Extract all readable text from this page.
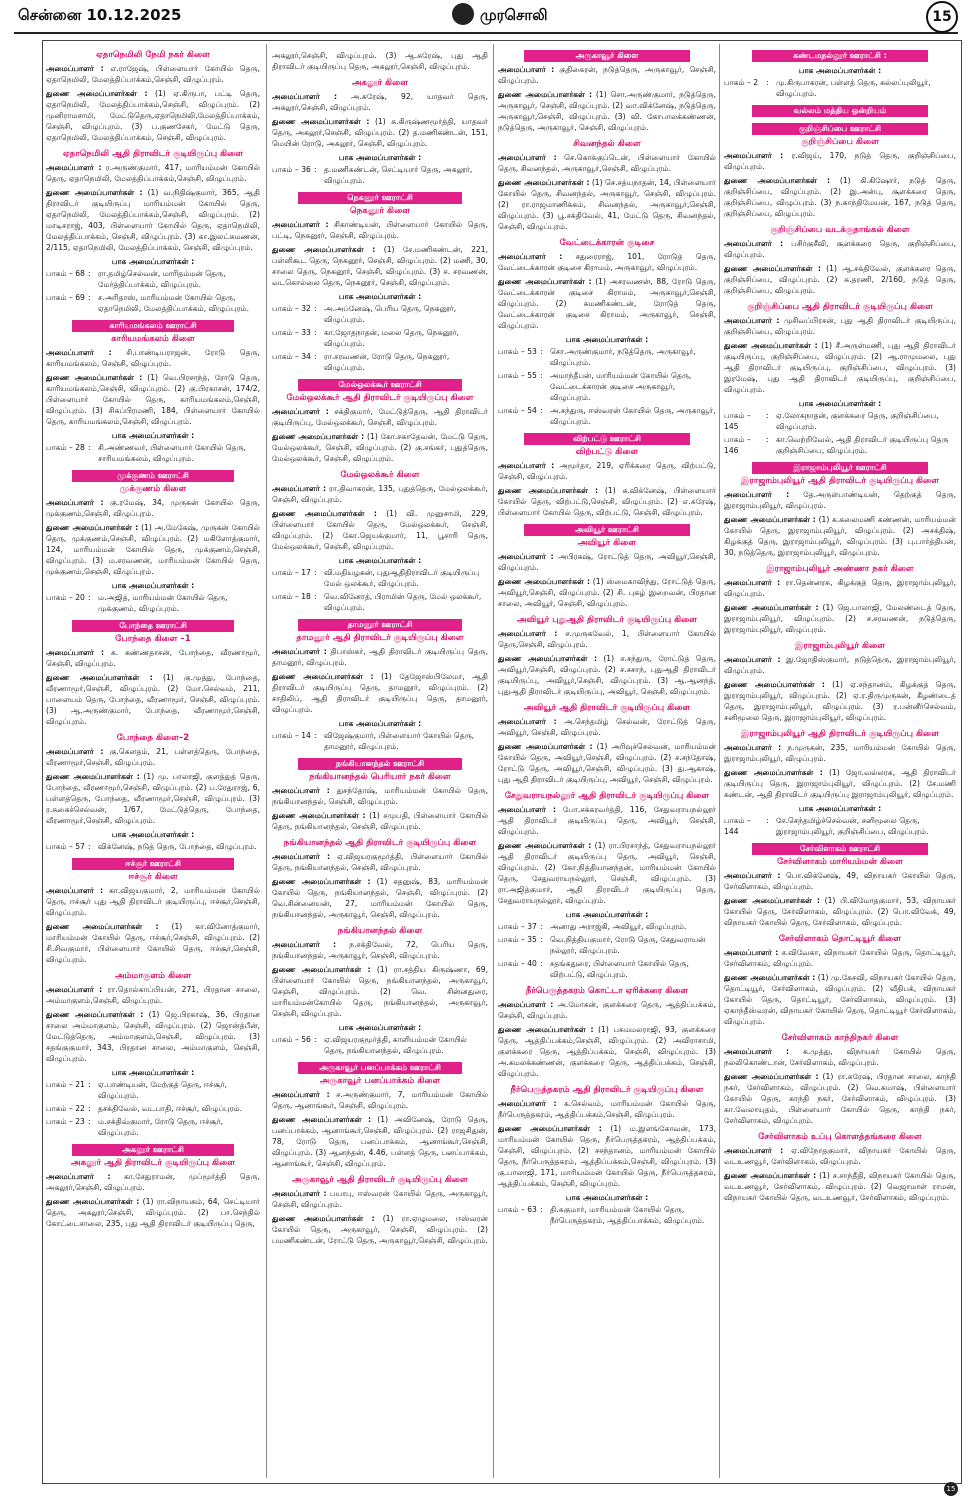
சென்னை 10.12.2025	முரசொலி	15
ஏதாநெமிலி நேமி நகர் கிளை
அமைப்பாளர் : எ.ராஜேஷ், பிள்ளையார் கோயில் தெரு, ஏதாநெமிலி, மேலத்திப்பாக்கம்,செஞ்சி, விழுப்புரம்.
துணை அமைப்பாளர்கள் : (1) ஏ.கிருபா, பட்டி தெரு, ஏதாநெமிலி, மேலத்திப்பாக்கம்,செஞ்சி, விழுப்புரம். (2) முனிராமசாமி, மேட்டுதெரு,ஏதாநெமிலி,மேலத்திப்பாக்கம், செஞ்சி, விழுப்புரம். (3) ப.குணசேகர், மேட்டு தெரு, ஏதாநெமிலி, மேலத்திப்பாக்கம், செஞ்சி, விழுப்புரம்.
ஏதாநெமிலி ஆதி திராவிடர் குடியிருப்பு கிளை
அமைப்பாளர் : ர.அருண்குமார், 417, மாரியம்மன் கோயில் தெரு, ஏதாநெமிலி, மேலத்திப்பாக்கம்,செஞ்சி, விழுப்புரம்.
துணை அமைப்பாளர்கள் : (1) வ.நிதிஷ்குமார், 365, ஆதி திராவிடர் குடியிருப்பு மாரியம்மன் கோயில் தெரு, ஏதாநெமிலி, மேலத்திப்பாக்கம்,செஞ்சி, விழுப்புரம். (2) மாடிசராஜ், 403, பிள்ளையார் கோயில் தெரு, ஏதாநெமிலி, மேலத்திப்பாக்கம், செஞ்சி, விழுப்புரம். (3) கா.இலட்சுமணன், 2/115, ஏதாநெமிலி, மேலத்திப்பாக்கம், செஞ்சி, விழுப்புரம்.
பாக அமைப்பாளர்கள் :
பாகம் – 68 : ரா.தமிழ்செல்வன், மாரிதம்மன் தெரு, மேர்த்திப்பாக்கம், விழுப்புரம்.
பாகம் – 69 : ச.அரிதாஸ், மாரியம்மன் கோயில் தெரு, ஏதாநெமிலி, மேலத்திப்பாக்கம், விழுப்புரம்.
காரியமங்கலம் ஊராட்சி
காரியமங்கலம் கிளை
அமைப்பாளர் : சி.பாண்டியராஜன், ரோடு தெரு, காரியமங்கலம், செஞ்சி, விழுப்புரம்.
துணை அமைப்பாளர்கள் : (1) வெ.பிரசாந்த், ரோடு தெரு, காரியமங்கலம்,செஞ்சி, விழுப்புரம். (2) கு.பிரகாசன், 174/2, பிள்ளையார் கோயில் தெரு, காரியமங்கலம்,செஞ்சி, விழுப்புரம். (3) சிகப்பிரமணி, 184, பிள்ளையார் கோயில் தெரு, காரியமங்கலம்,செஞ்சி, விழுப்புரம்.
பாக அமைப்பாளர்கள் :
பாகம் – 28 : சி.அண்ணவர், பிள்ளையார் கோயில் தெரு, சாரியமங்கலம், விழுப்புரம்.
முக்குணம் ஊராட்சி
முக்குணம் கிளை
அமைப்பாளர் : கு.ரமேஷ், 34, முருகன் கோயில் தெரு, முக்குணம்,செஞ்சி, விழுப்புரம்.
துணை அமைப்பாளர்கள் : (1) அ.மேகேஷ், முருகன் கோயில் தெரு, முக்குணம்,செஞ்சி, விழுப்புரம். (2) மகிளோத்குமார், 124, மாரியம்மன் கோயில் தெரு, முக்குணம்,செஞ்சி, விழுப்புரம். (3) ம.சரவணன், மாரியம்மன் கோயில் தெரு, முக்குணம்,செஞ்சி, விழுப்புரம்.
பாக அமைப்பாளர்கள் :
பாகம் – 20 : ம.அஜித், மாரியம்மன் கோயில் தெரு, முக்குணம், விழுப்புரம்.
போந்தை ஊராட்சி
போந்தை கிளை –1
அமைப்பாளர் : க. கண்ணதாசன், போந்தை, வீரணாமூர், செஞ்சி, விழுப்புரம்.
துணை அமைப்பாளர்கள் : (1) கு.முத்து, போந்தை, வீரணாமூர்,செஞ்சி, விழுப்புரம். (2) மோ.செல்வம், 211, பாளையம் தெரு, போந்தை, வீரணாமூர், செஞ்சி, விழுப்புரம். (3) ஆ.அருண்குமார், போந்தை, வீரணாமூர்,செஞ்சி, விழுப்புரம்.
போந்தை கிளை–2
அமைப்பாளர் : கு.கௌதம், 21, பள்ளத்தெரு, போந்தை, வீரணாமூர்,செஞ்சி, விழுப்புரம்.
துணை அமைப்பாளர்கள் : (1) மு. பாலாஜி, குளத்துத் தெரு, போந்தை, வீரணாமூர்,செஞ்சி, விழுப்புரம். (2) ப.ரேதுராஜ், 6, பள்ளத்தெரு, போந்தை, வீரணாமூர்,செஞ்சி, விழுப்புரம். (3) ர.சுகைச்செல்வன், 1/67, மேட்டுத்தெரு, போந்தை, வீரணாமூர்,செஞ்சி, விழுப்புரம்.
பாக அமைப்பாளர்கள் :
பாகம் – 57 : விக்னேஷ், நடுத் தெரு, போந்தை, விழுப்புரம்.
ஈச்சூர் ஊராட்சி
ஈச்சூர் கிளை
அமைப்பாளர் : கா.விஜயகுமார், 2, மாரியம்மன் கோயில் தெரு, ஈச்சூர் புது ஆதி திராவிடர் குடியிருப்பு, ஈச்சூர்,செஞ்சி, விழுப்புரம்.
துணை அமைப்பாளர்கள் : (1) கா.வினோத்குமார், மாரியம்மன் கோயில் தெரு, ஈச்சூர்,செஞ்சி, விழுப்புரம். (2) சி.சிவகுமார், பிள்ளையார் கோயில் தெரு, ஈச்சூர்,செஞ்சி, விழுப்புரம்.
அம்மாகுளம் கிளை
அமைப்பாளர் : ரா.தொல்காப்பியன், 271, பிரதான சாலை, அம்மாகுளம்,செஞ்சி, விழுப்புரம்.
துணை அமைப்பாளர்கள் : (1) ஜெ.பிரகாஷ், 36, பிரதான சாலை அம்மாகுளம், செஞ்சி, விழுப்புரம். (2) ஜொன்த்பீன், மேட்டுத்தெரு, அம்மாகுளம்,செஞ்சி, விழுப்புரம். (3) சதங்குகுமார், 343, பிரதான சாலை, அம்மாகுளம், செஞ்சி, விழுப்புரம்.
பாக அமைப்பாளர்கள் :
பாகம் – 21 : ஏ.பாண்டியன், மேற்குத் தெரு, ஈச்சூர், விழுப்புரம்.
பாகம் – 22 : தசக்திவேல், வடபாதி, ஈச்சூர், விழுப்புரம்.
பாகம் – 23 : ம.சக்திவ்குமார், ரோடு தெரு, ஈச்சூர், விழுப்புரம்.
அகலூர் ஊராட்சி
அகலூர் ஆதி திராவிடர் குடியிருப்பு கிளை
அமைப்பாளர் : கா.சேதுராமன், முப்மூர்த்தி தெரு, அகலூர்,செஞ்சி, விழுப்புரம்.
துணை அமைப்பாளர்கள் : (1) ரா.விநாயகம், 64, செட்டியார் தெரு, அகலூர்,செஞ்சி, விழுப்புரம். (2) பா.செந்தில் கோட்டைசாலை, 235, புது ஆதி திராவிடர் குடியிருப்பு தெரு,
அகலூர்,செஞ்சி, விழுப்புரம். (3) ஆ.சுரேஷ், புது ஆதி திராவிடர் குடியிருப்பு தெரு, அகலூர்,செஞ்சி, விழுப்புரம்.
அகலூர் கிளை
அமைப்பாளர் : அ.சுரேஷ், 92, யாதவர் தெரு, அகலூர்,செஞ்சி, விழுப்புரம்.
துணை அமைப்பாளர்கள் : (1) க.கிருஷ்ணமூர்த்தி, யாதவர் தெரு, அகலூர்,செஞ்சி, விழுப்புரம். (2) த.மணிகண்டன், 151, மெயின் ரோடு, அகலூர், செஞ்சி, விழுப்புரம்.
பாக அமைப்பாளர்கள் :
பாகம் – 36 : த.மணிகண்டன், செட்டியார் தெரு, அகலூர், விழுப்புரம்.
நெகனூர் ஊராட்சி
நெகனூர் கிளை
அமைப்பாளர் : சிகாண்டியன், பிள்ளையார் கோயில் தெரு, பட்டி, நெகனூர், செஞ்சி, விழுப்புரம்.
துணை அமைப்பாளர்கள் : (1) சே.மணிகண்டன், 221, பள்ளிகூட தெரு, நெகனூர், செஞ்சி, விழுப்புரம். (2) மணி, 30, சாலை தெரு, நெகனூர், செஞ்சி, விழுப்புரம். (3) ச. சரவணன், வடகொல்லை தெரு, நெகனூர், செஞ்சி, விழுப்புரம்.
பாக அமைப்பாளர்கள் :
பாகம் – 32 : அ.அப்னேஷ், பெரிய தெரு, நெகனூர், விழுப்புரம்.
பாகம் – 33 : கா.ஜோதநாதன், மலை தெரு, நெகனூர், விழுப்புரம்.
பாகம் – 34 : ரா.சரவணன், ரோடு தெரு, நெகனூர், விழுப்புரம்.
மேல்ஒலக்கூர் ஊராட்சி
மேல்ஒலக்கூர் ஆதி திராவிடர் குடியிருப்பு கிளை
அமைப்பாளர் : சக்திகுமார், மேட்டுத்தெரு, ஆதி திராவிடர் குடியிருப்பு, மேல்ஒலக்கூர், செஞ்சி, விழுப்புரம்.
துணை அமைப்பாளர்கள் : (1) கோ.சகாதேவன், மேட்டு தெரு, மேல்ஒலக்கூர், செஞ்சி, விழுப்புரம். (2) கு.சங்கர், புதுத்தெரு, மேல்ஒலக்கூர், செஞ்சி, விழுப்புரம்.
மேல்ஒலக்கூர் கிளை
அமைப்பாளர் : ரா.திவாகரன், 135, புதுத்தெரு, மேல்ஒலக்கூர், செஞ்சி, விழுப்புரம்.
துணை அமைப்பாளர்கள் : (1) வி. முனுசாமி, 229, பிள்ளையார் கோயில் தெரு, மேல்ஒலக்கூர், செஞ்சி, விழுப்புரம். (2) கோ.ஜெயக்குமார், 11, பூசாரி தெரு, மேல்ஒலக்கூர், செஞ்சி, விழுப்புரம்.
பாக அமைப்பாளர்கள் :
பாகம் – 17 : வி.மதியழகன், புதுஆதிதிராவிடர் குடியிருப்பு மேல் ஒலக்கூர், விழுப்புரம்.
பாகம் – 18 : வெ.வினோத், பிராமின் தெரு, மேல் ஒலக்கூர், விழுப்புரம்.
தாமனூர் ஊராட்சி
தாமனூர் ஆதி திராவிடர் குடியிருப்பு கிளை
அமைப்பாளர் : திபாஸ்கர், ஆதி திராவிடர் குடியிருப்பு தெரு, தாமனூர், விழுப்புரம்.
துணை அமைப்பாளர்கள் : (1) தேஜோஸ்பிலேமா, ஆதி திராவிடர் குடியிருப்பு தெரு, தாமனூர், விழுப்புரம். (2) சாதிலிப், ஆதி திராவிடர் குடியிருப்பு தெரு, தாமனூர், விழுப்புரம்.
பாக அமைப்பாளர்கள் :
பாகம் – 14 : விஜேஷ்குமார், பிள்ளையார் கோயில் தெரு, தாமனூர், விழுப்புரம்.
நங்கியானந்தல் ஊராட்சி
நங்கியானந்தல் பெரியார் நகர் கிளை
அமைப்பாளர் : துசந்தோஷ், மாரியம்மன் கோயில் தெரு, நங்கியானந்தல், செஞ்சி, விழுப்புரம்.
துணை அமைப்பாளர்கள் : (1) சமுபதி, பிள்ளையார் கோயில் தெரு, நங்கியானந்தல், செஞ்சி, விழுப்புரம்.
நங்கியானந்தல் ஆதி திராவிடர் குடியிருப்பு கிளை
அமைப்பாளர் : ஏ.விஜயரகுமூர்த்தி, பிள்ளையார் கோயில் தெரு, நங்கியானந்தல், செஞ்சி, விழுப்புரம்.
துணை அமைப்பாளர்கள் : (1) சதனுஷ், 83, மாரியம்மன் கோயில் தெரு, நங்கியானந்தல், செஞ்சி, விழுப்புரம். (2) வெ.சின்னையன், 27, மாரியம்மன் கோயில் தெரு, நங்கியானந்தல், அருகாவூர், செஞ்சி, விழுப்புரம்.
நங்கியானந்தல் கிளை
அமைப்பாளர் : ந.சக்திவேல், 72, பெரிய தெரு, நங்கியானந்தல், அருகாவூர், செஞ்சி, விழுப்புரம்.
துணை அமைப்பாளர்கள் : (1) ரா.சத்திய கிருஷ்ணா, 69, பிள்ளையார் கோயில் தெரு, நங்கியானந்தல், அருகாவூர், செஞ்சி, விழுப்புரம். (2) வெ. சின்னதுரை, மாரியம்மன்கோயில் தெரு, நங்கியானந்தல், அருகாவூர், செஞ்சி, விழுப்புரம்.
பாக அமைப்பாளர்கள் :
பாகம் – 56 : ஏ.விஜயரகுமூர்த்தி, காளியம்மன் கோயில் தெரு, நங்கியானந்தல், விழுப்புரம்.
அருகாவூர் பனப்பாக்கம் ஊராட்சி
அருகாவூர் பனப்பாக்கம் கிளை
அமைப்பாளர் : ச.அருண்குமார், 7, மாரியம்மன் கோயில் தெரு, ஆனாங்கூர், செஞ்சி, விழுப்புரம்.
துணை அமைப்பாளர்கள் : (1) அவினேஷ், ரோடு தெரு, பனப்பாக்கம், ஆனாங்கூர்,செஞ்சி, விழுப்புரம். (2) ராஜசிதுன், 78, ரோடு தெரு, பனப்பாக்கம், ஆனாங்கூர்,செஞ்சி, விழுப்புரம். (3) ஆனந்தன், 4.46, பள்ளத் தெரு, பனப்பாக்கம், ஆனாங்கூர், செஞ்சி, விழுப்புரம்.
அருகாவூர் ஆதி திராவிடர் குடியிருப்பு கிளை
அமைப்பாளர் : பயாபு, ஈஸ்வரன் கோயில் தெரு, அருகாவூர், செஞ்சி, விழுப்புரம்.
துணை அமைப்பாளர்கள் : (1) ரா.ஏழுமலை, ஈஸ்வரன் கோயில் தெரு, அருகாவூர், செஞ்சி, விழுப்புரம். (2) பமணிகண்டன், ரோட்டு தெரு, அருகாவூர்,செஞ்சி, விழுப்புரம்.
அருகாவூர் கிளை
அமைப்பாளர் : குதிகைரன், நடுத்தெரு, அருகாவூர், செஞ்சி, விழுப்புரம்.
துணை அமைப்பாளர்கள் : (1) சொ.அருண்குமார், நடுத்தெரு, அருகாவூர், செஞ்சி, விழுப்புரம். (2) வா.விக்னேஷ், நடுத்தெரு, அருகாவூர்,செஞ்சி, விழுப்புரம். (3) வி. கோபாலக்கண்ணன், நடுத்தெரு, அருகாவூர், செஞ்சி, விழுப்புரம்.
சிவனந்தல் கிளை
அமைப்பாளர் : செ.கொக்குப்டென், பிள்ளையார் கோயில் தெரு, சிவனந்தல், அருகாவூர்,செஞ்சி, விழுப்புரம்.
துணை அமைப்பாளர்கள் : (1) செ.சத்யநாதன், 14, பிள்ளையார் கோயில் தெரு, சிவனந்தல், அருகாவூர், செஞ்சி, விழுப்புரம். (2) ரா.ராஜமாணிக்கம், சிவனந்தல், அருகாவூர்,செஞ்சி, விழுப்புரம். (3) பூ.சக்திவேல், 41, மேட்டு தெரு, சிவனந்தல், செஞ்சி, விழுப்புரம்.
வேட்டைக்காரன் குடிசை
அமைப்பாளர் : சதுரைராஜ், 101, ரோடுத் தெரு, வேட்டைக்காரன் குடிசை கிராமம், அருகாவூர், விழுப்புரம்.
துணை அமைப்பாளர்கள் : (1) அசரவணன், 88, ரோடு தெரு, வேட்டைக்காரன் குடிசை கிராமம், அருகாவூர்,செஞ்சி, விழுப்புரம். (2) சுமணிகண்டன், ரோடுத் தெரு, வேட்டைக்காரன் குடிசை கிராமம், அருகாவூர், செஞ்சி, விழுப்புரம்.
பாக அமைப்பாளர்கள் :
பாகம் – 53 : சொ.அருண்குமார், நடுத்தெரு, அருகாவூர், விழுப்புரம்.
பாகம் – 55 : அமாந்தீபன், மாரியம்மன் கோயில் தெரு, வேட்டைக்காரன் குடிசை அருகாவூர், விழுப்புரம்.
பாகம் – 54 : அ.சந்துரு, ஈஸ்வரன் கோயில் தெரு, அருகாவூர், விழுப்புரம்.
விற்பட்டு ஊராட்சி
விற்பட்டு கிளை
அமைப்பாளர் : அமூர்தா, 219, ஏரிக்கரை தெரு, விற்பட்டு, செஞ்சி, விழுப்புரம்.
துணை அமைப்பாளர்கள் : (1) க.விக்னேஷ், பிள்ளையார் கோயில் தெரு, விற்பட்டு,செஞ்சி, விழுப்புரம். (2) எ.சுரேஷ், பிள்ளையார் கோயில் தெரு, விற்பட்டு, செஞ்சி, விழுப்புரம்.
அவியூர் ஊராட்சி
அவியூர் கிளை
அமைப்பாளர் : அபிரகஷ், ரோட்டுத் தெரு, அவியூர்,செஞ்சி, விழுப்புரம்.
துணை அமைப்பாளர்கள் : (1) ஸ்மைகாவிந்து, ரோட்டுத் தெரு, அவியூர்,செஞ்சி, விழுப்புரம். (2) சி. புகழ் இறைவன், பிரதான சாலை, அவியூர், செஞ்சி, விழுப்புரம்.
அவியூர் புதுஆதி திராவிடர் குடியிருப்பு கிளை
அமைப்பாளர் : ச.முருகவேல், 1, பிள்ளையார் கோயில் தெரு,செஞ்சி, விழுப்புரம்.
துணை அமைப்பாளர்கள் : (1) ச.சந்துரு, ரோட்டுத் தெரு, அவியூர்,செஞ்சி, விழுப்புரம். (2) ச.சசாந், புதுஆதி திராவிடர் குடியிருப்பு, அவியூர்,செஞ்சி, விழுப்புரம். (3) ஆ.ஆனந்த், புதுஆதி திராவிடர் குடியிருப்பு, அவியூர், செஞ்சி, விழுப்புரம்.
அவியூர் ஆதி திராவிடர் குடியிருப்பு கிளை
அமைப்பாளர் : அ.செந்தமிழ் செல்வன், ரோட்டுத் தெரு, அவியூர், செஞ்சி, விழுப்புரம்.
துணை அமைப்பாளர்கள் : (1) அரிவுச்செல்வன், மாரியம்மன் கோயில் தெரு, அவியூர்,செஞ்சி, விழுப்புரம். (2) ச.சந்தோஷ், ரோட்டு தெரு, அவியூர்,செஞ்சி, விழுப்புரம். (3) து.ஆகாஷ், புது ஆதி திராவிடர் குடியிருப்பு, அவியூர், செஞ்சி, விழுப்புரம்.
சேதுவராயநல்லூர் ஆதி திராவிடர் குடியிருப்பு கிளை
அமைப்பாளர் : போ.சக்கரவர்த்தி, 116, சேதுவராயநல்லூர் ஆதி திராவிடர் குடியிருப்பு தெரு, அவியூர், செஞ்சி, விழுப்புரம்.
துணை அமைப்பாளர்கள் : (1) ரா.பிரசாந்த், சேதுவராயநல்லூர் ஆதி திராவிடர் குடியிருப்பு தெரு, அவியூர், செஞ்சி, விழுப்புரம். (2) கோ.நித்தியானந்தன், மாரியம்மன் கோயில் தெரு, சேதுவராயநல்லூர், செஞ்சி, விழுப்புரம். (3) ரா.அஜித்குமார், ஆதி திராவிடர் குடியிருப்பு தெரு, சேதுவராயநல்லூர், விழுப்புரம்.
பாக அமைப்பாளர்கள் :
பாகம் – 37 : அனாது அராஜ்கி, அவியூர், விழுப்புரம்.
பாகம் – 35 : வெ.நித்தியகுமார், ரோடு தெரு, சேதுவராயன் நல்லூர், விழுப்புரம்.
பாகம் – 40 : சதங்கதுரை, பிள்ளையார் கோயில் தெரு, விற்பட்டு, விழுப்புரம்.
நீர்பெருத்தகரம் கொட்டா ஏரிக்கரை கிளை
அமைப்பாளர் : அ.மோகன், குளக்கரை தெரு, ஆத்திப்பக்கம், செஞ்சி, விழுப்புரம்.
துணை அமைப்பாளர்கள் : (1) பசுமமலராஜி, 93, குளக்கரை தெரு, ஆத்திப்பக்கம்,செஞ்சி, விழுப்புரம். (2) அவிராசாமி, குளக்கரை தெரு, ஆத்திப்பக்கம், செஞ்சி, விழுப்புரம். (3) அ.சுமலக்கண்ணன், குளக்கரை தெரு, ஆத்திப்பக்கம், செஞ்சி, விழுப்புரம்.
நீர்பெருத்தகரம் ஆதி திராவிடர் குடியிருப்பு கிளை
அமைப்பாளர் : க.செல்வம், மாரியம்மன் கோயில் தெரு, நீர்பெருத்தகரம், ஆத்திப்பக்கம்,செஞ்சி, விழுப்புரம்.
துணை அமைப்பாளர்கள் : (1) ம.இளங்கோவன், 173, மாரியம்மன் கோயில் தெரு, நீர்பெருத்தகரம், ஆத்திப்பக்கம், செஞ்சி, விழுப்புரம். (2) சசந்தானம், மாரியம்மன் கோயில் தெரு, நீர்பெருத்தகரம், ஆத்திப்பக்கம்,செஞ்சி, விழுப்புரம். (3) கு.பாலாஜி, 171, மாரியம்மன் கோயில் தெரு, நீர்பெருத்தகரம், ஆத்திப்பக்கம், செஞ்சி, விழுப்புரம்.
பாக அமைப்பாளர்கள் :
பாகம் – 63 : தி.சுகுமார், மாரியம்மன் கோயில் தெரு, நீர்பெருத்தகரம், ஆத்திப்பாக்கம், விழுப்புரம்.
கண்டமநல்லூர் ஊராட்சி :
பாக அமைப்பாளர்கள் :
பாகம் – 2	: மு.கிருபாகரன், பள்ளத் தெரு, கல்லப்புலியூர், விழுப்புரம்.
வல்லம் மத்திய ஒன்றியம்
குறிஞ்சிப்பை ஊராட்சி
குறிஞ்சிப்பை கிளை
அமைப்பாளர் : ர.விஜய், 170, நடுத் தெரு, குறிஞ்சிப்பை, விழுப்புரம்.
துணை அமைப்பாளர்கள் : (1) கி.கிஷோர், நடுத் தெரு, குறிஞ்சிப்பை, விழுப்புரம். (2) இ.அன்பு, சூளக்கரை தெரு, குறிஞ்சிப்பை, விழுப்புரம். (3) ந.காந்திமேயன், 167, நடுத் தெரு, குறிஞ்சிப்பை, விழுப்புரம்.
குறிஞ்சிப்பை வடக்குதாங்கல் கிளை
அமைப்பாளர் : பசிர்குசீவி, சூளக்கரை தெரு, குறிஞ்சிப்பை, விழுப்புரம்.
துணை அமைப்பாளர்கள் : (1) ஆ.சக்திவேல், குளக்கரை தெரு, குறிஞ்சிப்பை, விழுப்புரம். (2) க.தரணி, 2/160, நடுத் தெரு, குறிஞ்சிப்பை, விழுப்புரம்.
குறிஞ்சிப்பை ஆதி திராவிடர் குடியிருப்பு கிளை
அமைப்பாளர் : முசிவப்பிரசன், புது ஆதி திராவிடர் குடியிருப்பு, குறிஞ்சிப்பை, விழுப்புரம்.
துணை அமைப்பாளர்கள் : (1) சீ.அருள்மணி, புது ஆதி திராவிடர் குடியிருப்பு, குறிஞ்சிப்பை, விழுப்புரம். (2) ஆ.ராமுமலை, புது ஆதி திராவிடர் குடியிருப்பு, குறிஞ்சிப்பை, விழுப்புரம். (3) இரமேஷ், புது ஆதி திராவிடர் குடியிருப்பு, குறிஞ்சிப்பை, விழுப்புரம்.
பாக அமைப்பாளர்கள் :
பாகம் – 145
: ஏ.லோகநாதன், குளக்கரை தெரு, குறிஞ்சிப்பை, விழுப்புரம்.
பாகம் – 146
: கா.வெற்றிவேல், ஆதி திராவிடர் குடியிருப்பு தெரு குறிஞ்சிப்பை, விழுப்புரம்.
இராஜாம்புலியூர் ஊராட்சி
இராஜாம்புலியூர் ஆதி திராவிடர் குடியிருப்பு கிளை
அமைப்பாளர் : தே.அருள்பாண்டியன், தெற்குத் தெரு, இராஜாம்புலியூர், விழுப்புரம்.
துணை அமைப்பாளர்கள் : (1) க.கலைமணி கண்ணன், மாரியம்மன் கோயில் தெரு, இராஜாம்புலியூர், விழுப்புரம். (2) அசக்திஷ், கிழக்குத் தெரு, இராஜாம்புலியூர், விழுப்புரம். (3) பு.பார்த்திபன், 30, நடுத்தெரு, இராஜாம்புலியூர், விழுப்புரம்.
இராஜாம்புலியூர் அண்ணா நகர் கிளை
அமைப்பாளர் : ரா.தென்னரசு, கிழக்குத் தெரு, இராஜாம்புலியூர், விழுப்புரம்.
துணை அமைப்பாளர்கள் : (1) ஜெ.பாலாஜி, மேலண்டைத் தெரு, இராஜாம்புலியூர், விழுப்புரம். (2) ச.சரவணன், நடுத்தெரு, இராஜாம்புலியூர், விழுப்புரம்.
இராஜாம்புலியூர் கிளை
அமைப்பாளர் : இ.ஜோதிஸ்குமார், நடுத்தெரு, இராஜாம்புலியூர், விழுப்புரம்.
துணை அமைப்பாளர்கள் : (1) ஏ.சந்தானம், கிழக்குத் தெரு, இராஜாம்புலியூர், விழுப்புரம். (2) ஏ.ர.திருமுருகன், கீழண்டைத் தெரு, இராஜாம்புலியூர், விழுப்புரம். (3) ர.பன்னீர்செல்வம், சனிமூலை தெரு, இராஜாம்புலியூர், விழுப்புரம்.
இராஜாம்புலியூர் ஆதி திராவிடர் குடியிருப்பு கிளை
அமைப்பாளர் : ந.முருகன், 235, மாரியம்மன் கோயில் தெரு, இராஜாம்புலியூர், விழுப்புரம்.
துணை அமைப்பாளர்கள் : (1) ஜோ.வல்லரசு, ஆதி திராவிடர் குடியிருப்பு தெரு, இராஜாம்புலியூர், விழுப்புரம். (2) சே.மணி கண்டன், ஆதி திராவிடர் குடியிருப்பு இராஜாம்புலியூர், விழுப்புரம்.
பாக அமைப்பாளர்கள் :
பாகம் – 144
: சே.செந்தமிழ்ச்செல்வன், சனிமூலை தெரு, இராஜாம்புலியூர், குறிஞ்சிப்பை, விழுப்புரம்.
சேர்விளாகம் ஊராட்சி
சேர்விளாகம் மாரியம்மன் கிளை
அமைப்பாளர் : பொ.விக்னேஷ், 49, விநாயகர் கோயில் தெரு, சேர்விளாகம், விழுப்புரம்.
துணை அமைப்பாளர்கள் : (1) பி.விமோதகுமார், 53, விநாயகர் கோயில் தெரு, சேர்விளாகம், விழுப்புரம். (2) பொ.விவேக், 49, விநாயகர் கோயில் தெரு, சேர்விளாகம், விழுப்புரம்.
சேர்விளாகம் தொட்டியூர் கிளை
அமைப்பாளர் : ச.விவேகா, விநாயகர் கோயில் தெரு, தொட்டியூர், சேர்விளாகம், விழுப்புரம்.
துணை அமைப்பாளர்கள் : (1) மு.கேசவி, விநாயகர் கோயில் தெரு, தொட்டியூர், சேர்விளாகம், விழுப்புரம். (2) வீதிபக், விநாயகர் கோயில் தெரு, தொட்டியூர், சேர்விளாகம், விழுப்புரம். (3) ஏகாந்தீஸ்வரன், விநாயகர் கோயில் தெரு, தொட்டியூர் சேர்விளாகம், விழுப்புரம்.
சேர்விளாகம் காந்திநகர் கிளை
அமைப்பாளர் : க.முத்து, விநாயகர் கோயில் தெரு, நல்லிகொண்டான், சேர்விளாகம், விழுப்புரம்.
துணை அமைப்பாளர்கள் : (1) ரா.சுரேஷ், பிரதான சாலை, காந்தி நகர், சேர்விளாகம், விழுப்புரம். (2) வெ.சுமாஷ், பிள்ளையார் கோயில் தெரு, காந்தி நகர், சேர்விளாகம், விழுப்புரம். (3) கா.வேலாயுதம், பிள்ளையார் கோயில் தெரு, காந்தி நகர், சேர்விளாகம், விழுப்புரம்.
சேர்விளாகம் உப்பு கொளத்தங்கரை கிளை
அமைப்பாளர் : ஏ.விநோதகுமார், விநாயகர் கோயில் தெரு, வடஉணவூர், சேர்விளாகம், விழுப்புரம்.
துணை அமைப்பாளர்கள் : (1) ச.சாந்தீதி, விநாயகர் கோயில் தெரு, வடஉணவூர், சேர்விளாகம், விழுப்புரம். (2) வெஜாமாள் ராமன், விநாயகர் கோயில் தெரு, வடஉணவூர், சேர்விளாகம், விழுப்புரம்.
15
